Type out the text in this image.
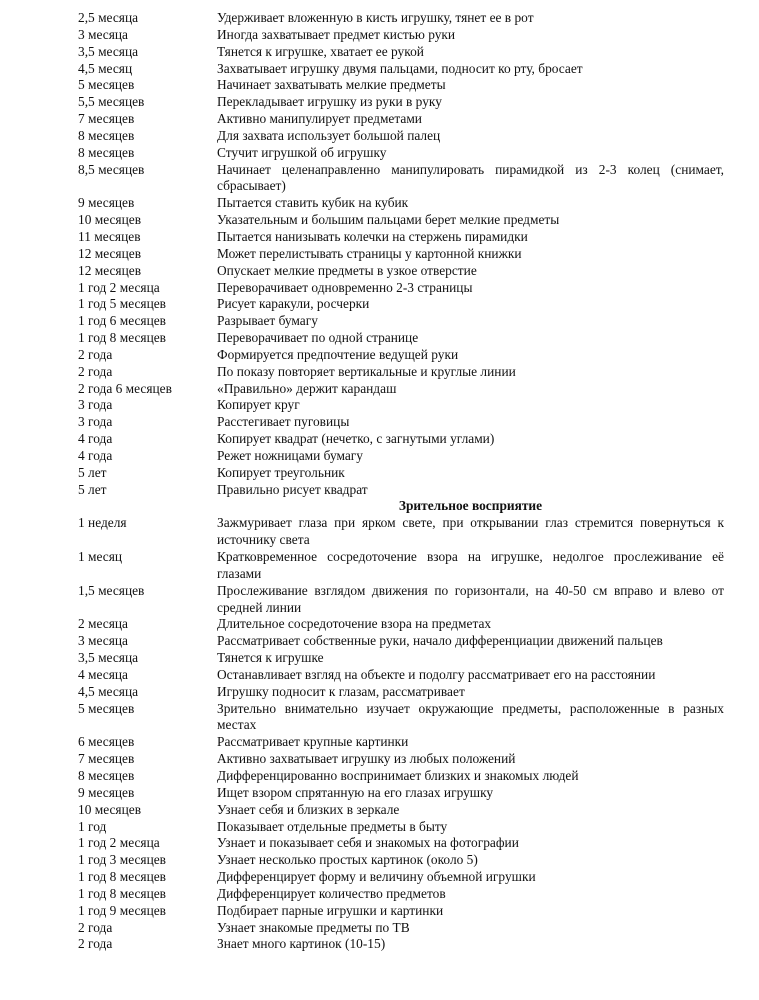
2,5 месяца	Удерживает вложенную в кисть игрушку, тянет ее в рот
3 месяца	Иногда захватывает предмет кистью руки
3,5 месяца	Тянется к игрушке, хватает ее рукой
4,5 месяц	Захватывает игрушку двумя пальцами, подносит ко рту, бросает
5 месяцев	Начинает захватывать мелкие предметы
5,5 месяцев	Перекладывает игрушку из руки в руку
7 месяцев	Активно манипулирует предметами
8 месяцев	Для захвата использует большой палец
8 месяцев	Стучит игрушкой об игрушку
8,5 месяцев	Начинает целенаправленно манипулировать пирамидкой из 2-3 колец (снимает, сбрасывает)
9 месяцев	Пытается ставить кубик на кубик
10 месяцев	Указательным и большим пальцами берет мелкие предметы
11 месяцев	Пытается нанизывать колечки на стержень пирамидки
12 месяцев	Может перелистывать страницы у картонной книжки
12 месяцев	Опускает мелкие предметы в узкое отверстие
1 год 2 месяца	Переворачивает одновременно 2-3 страницы
1 год 5 месяцев	Рисует каракули, росчерки
1 год 6 месяцев	Разрывает бумагу
1 год 8 месяцев	Переворачивает по одной странице
2 года	Формируется предпочтение ведущей руки
2 года	По показу повторяет вертикальные и круглые линии
2 года 6 месяцев	«Правильно» держит карандаш
3 года	Копирует круг
3 года	Расстегивает пуговицы
4 года	Копирует квадрат (нечетко, с загнутыми углами)
4 года	Режет ножницами бумагу
5 лет	Копирует треугольник
5 лет	Правильно рисует квадрат
Зрительное восприятие
1 неделя	Зажмуривает глаза при ярком свете, при открывании глаз стремится повернуться к источнику света
1 месяц	Кратковременное сосредоточение взора на игрушке, недолгое прослеживание её глазами
1,5 месяцев	Прослеживание взглядом движения по горизонтали, на 40-50 см вправо и влево от средней линии
2 месяца	Длительное сосредоточение взора на предметах
3 месяца	Рассматривает собственные руки, начало дифференциации движений пальцев
3,5 месяца	Тянется к игрушке
4 месяца	Останавливает взгляд на объекте и подолгу рассматривает его на расстоянии
4,5 месяца	Игрушку подносит к глазам, рассматривает
5 месяцев	Зрительно внимательно изучает окружающие предметы, расположенные в разных местах
6 месяцев	Рассматривает крупные картинки
7 месяцев	Активно захватывает игрушку из любых положений
8 месяцев	Дифференцированно воспринимает близких и знакомых людей
9 месяцев	Ищет взором спрятанную на его глазах игрушку
10 месяцев	Узнает себя и близких в зеркале
1 год	Показывает отдельные предметы в быту
1 год 2 месяца	Узнает и показывает себя и знакомых на фотографии
1 год 3 месяцев	Узнает несколько простых картинок (около 5)
1 год 8 месяцев	Дифференцирует форму и величину объемной игрушки
1 год 8 месяцев	Дифференцирует количество предметов
1 год 9 месяцев	Подбирает парные игрушки и картинки
2 года	Узнает знакомые предметы по ТВ
2 года	Знает много картинок (10-15)
